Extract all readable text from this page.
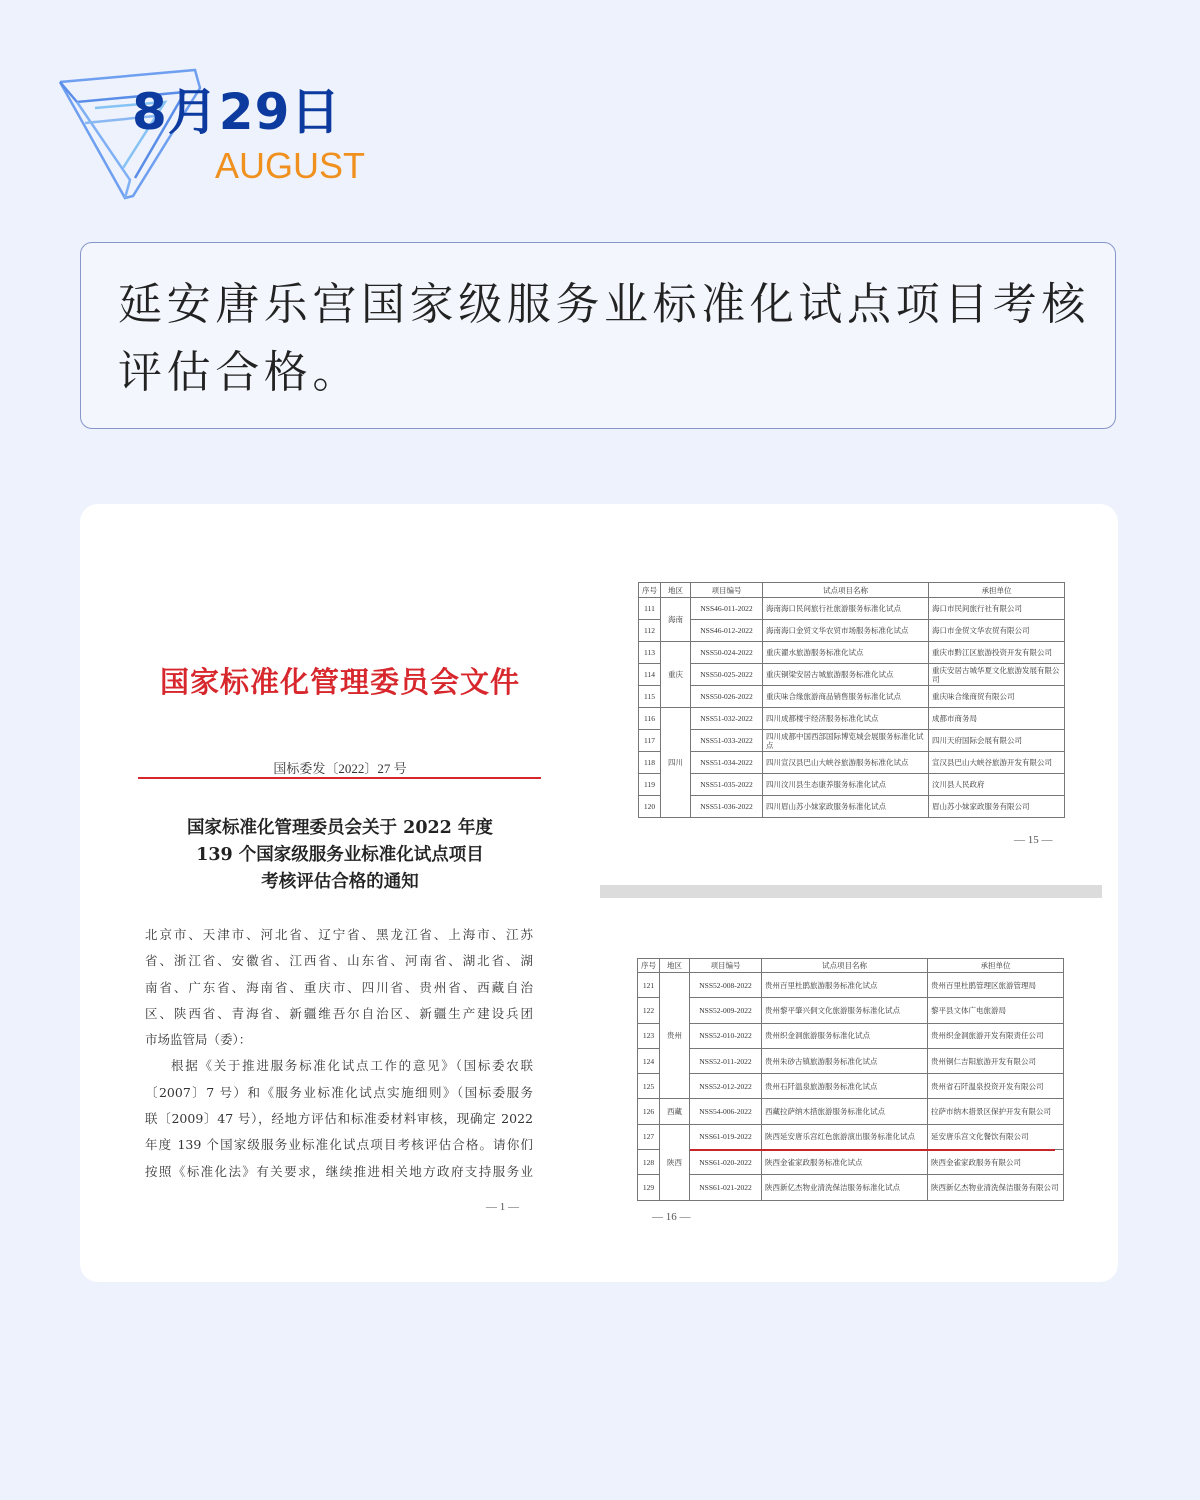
8月29日
AUGUST
延安唐乐宫国家级服务业标准化试点项目考核评估合格。
国家标准化管理委员会文件
国标委发〔2022〕27 号
国家标准化管理委员会关于 2022 年度
139 个国家级服务业标准化试点项目
考核评估合格的通知
北京市、天津市、河北省、辽宁省、黑龙江省、上海市、江苏
省、浙江省、安徽省、江西省、山东省、河南省、湖北省、湖
南省、广东省、海南省、重庆市、四川省、贵州省、西藏自治
区、陕西省、青海省、新疆维吾尔自治区、新疆生产建设兵团
市场监管局（委）：
根据《关于推进服务标准化试点工作的意见》（国标委农联
〔2007〕7 号）和《服务业标准化试点实施细则》（国标委服务
联〔2009〕47 号），经地方评估和标准委材料审核，现确定 2022
年度 139 个国家级服务业标准化试点项目考核评估合格。请你们
按照《标准化法》有关要求，继续推进相关地方政府支持服务业
— 1 —
序号	地区	项目编号	试点项目名称	承担单位
111	海南	NSS46-011-2022	海南海口民间旅行社旅游服务标准化试点	海口市民间旅行社有限公司
112		NSS46-012-2022	海南海口金贸文华农贸市场服务标准化试点	海口市金贸文华农贸有限公司
113	重庆	NSS50-024-2022	重庆濯水旅游服务标准化试点	重庆市黔江区旅游投资开发有限公司
114		NSS50-025-2022	重庆铜梁安居古城旅游服务标准化试点	重庆安居古城华夏文化旅游发展有限公司
115		NSS50-026-2022	重庆味合缘旅游商品销售服务标准化试点	重庆味合缘商贸有限公司
116	四川	NSS51-032-2022	四川成都楼宇经济服务标准化试点	成都市商务局
117		NSS51-033-2022	四川成都中国西部国际博览城会展服务标准化试点	四川天府国际会展有限公司
118		NSS51-034-2022	四川宣汉县巴山大峡谷旅游服务标准化试点	宣汉县巴山大峡谷旅游开发有限公司
119		NSS51-035-2022	四川汶川县生态康养服务标准化试点	汶川县人民政府
120		NSS51-036-2022	四川眉山苏小妹家政服务标准化试点	眉山苏小妹家政服务有限公司
— 15 —
序号	地区	项目编号	试点项目名称	承担单位
121	贵州	NSS52-008-2022	贵州百里杜鹃旅游服务标准化试点	贵州百里杜鹃管理区旅游管理局
122		NSS52-009-2022	贵州黎平肇兴侗文化旅游服务标准化试点	黎平县文体广电旅游局
123		NSS52-010-2022	贵州织金洞旅游服务标准化试点	贵州织金洞旅游开发有限责任公司
124		NSS52-011-2022	贵州朱砂古镇旅游服务标准化试点	贵州铜仁吉阳旅游开发有限公司
125		NSS52-012-2022	贵州石阡温泉旅游服务标准化试点	贵州省石阡温泉投资开发有限公司
126	西藏	NSS54-006-2022	西藏拉萨纳木措旅游服务标准化试点	拉萨市纳木措景区保护开发有限公司
127	陕西	NSS61-019-2022	陕西延安唐乐宫红色旅游演出服务标准化试点	延安唐乐宫文化餐饮有限公司
128		NSS61-020-2022	陕西金雀家政服务标准化试点	陕西金雀家政服务有限公司
129		NSS61-021-2022	陕西新亿杰物业清洗保洁服务标准化试点	陕西新亿杰物业清洗保洁服务有限公司
— 16 —
